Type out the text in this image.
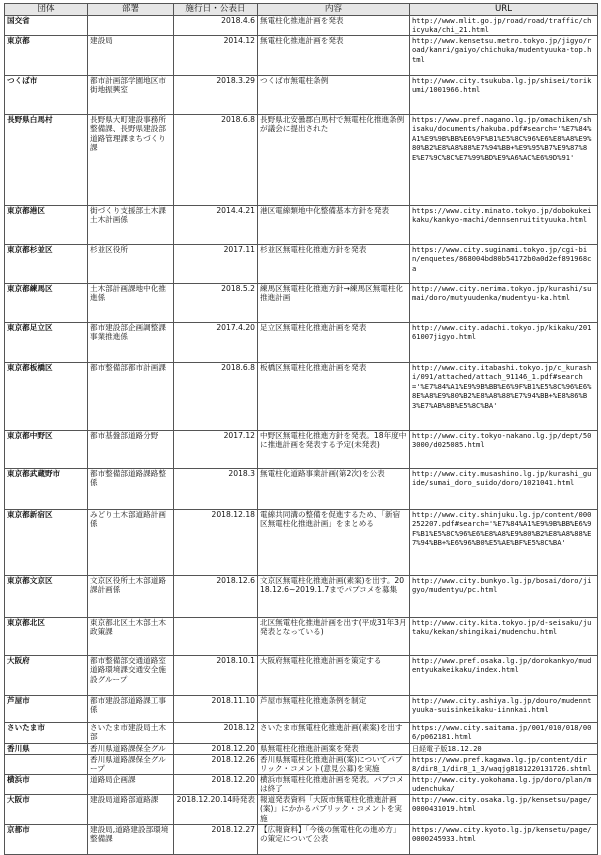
団体	部署	施行日・公表日	内容	URL

国交省		2018.4.6	無電柱化推進計画を発表	http://www.mlit.go.jp/road/road/traffic/chicyuka/chi_21.html

東京都	建設局	2014.12	無電柱化推進計画を発表	http://www.kensetsu.metro.tokyo.jp/jigyo/road/kanri/gaiyo/chichuka/mudentyuuka-top.html

つくば市	都市計画部学園地区市街地振興室	2018.3.29	つくば市無電柱条例	http://www.city.tsukuba.lg.jp/shisei/torikumi/1001966.html

長野県白馬村	長野県大町建設事務所整備課、長野県建設部道路管理課まちづくり課	2018.6.8	長野県北安曇郡白馬村で無電柱化推進条例が議会に提出された	https://www.pref.nagano.lg.jp/omachiken/shisaku/documents/hakuba.pdf#search='%E7%84%A1%E9%9B%BB%E6%9F%B1%E5%8C%96%E6%E8%A8%E9%80%B2%E8%A8%88%E7%94%BB+%E9%95%B7%E9%87%8E%E7%9C%8C%E7%99%BD%E9%A6%AC%E6%9D%91'

東京都港区	街づくり支援部土木課土木計画係	2014.4.21	港区電線類地中化整備基本方針を発表	https://www.city.minato.tokyo.jp/dobokukeikaku/kankyo-machi/dennsenruitityuuka.html

東京都杉並区	杉並区役所	2017.11	杉並区無電柱化推進方針を発表	https://www.city.suginami.tokyo.jp/cgi-bin/enquetes/868004bd80b54172b0a0d2ef891968ca

東京都練馬区	土木部計画課地中化推進係	2018.5.2	練馬区無電柱化推進方針→練馬区無電柱化推進計画	http://www.city.nerima.tokyo.jp/kurashi/sumai/doro/mutyuudenka/mudentyu-ka.html

東京都足立区	都市建設部企画調整課事業推進係	2017.4.20	足立区無電柱化推進計画を発表	http://www.city.adachi.tokyo.jp/kikaku/20161007jigyo.html

東京都板橋区	都市整備部都市計画課	2018.6.8	板橋区無電柱化推進計画を発表	http://www.city.itabashi.tokyo.jp/c_kurashi/091/attached/attach_91146_1.pdf#search='%E7%84%A1%E9%9B%BB%E6%9F%B1%E5%8C%96%E6%8E%A8%E9%80%B2%E8%A8%88%E7%94%BB+%E8%86%B3%E7%AB%8B%E5%8C%BA'

東京都中野区	都市基盤部道路分野	2017.12	中野区無電柱化推進方針を発表。18年度中に推進計画を発表する予定(未発表)	http://www.city.tokyo-nakano.lg.jp/dept/503000/d025085.html

東京都武蔵野市	都市整備部道路課路整係	2018.3	無電柱化道路事業計画(第2次)を公表	http://www.city.musashino.lg.jp/kurashi_guide/sumai_doro_suido/doro/1021041.html

東京都新宿区	みどり土木部道路計画係	2018.12.18	電線共同溝の整備を促進するため、「新宿区無電柱化推進計画」をまとめる	http://www.city.shinjuku.lg.jp/content/000252207.pdf#search='%E7%84%A1%E9%9B%BB%E6%9F%B1%E5%8C%96%E6%E8%A8%E9%80%B2%E8%A8%88%E7%94%BB+%E6%96%B0%E5%AE%BF%E5%8C%BA'

東京都文京区	文京区役所土木部道路課計画係	2018.12.6	文京区無電柱化推進計画(素案)を出す。2018.12.6~2019.1.7までパブコメを募集	http://www.city.bunkyo.lg.jp/bosai/doro/jigyo/mudentyu/pc.html

東京都北区	東京都北区土木部土木政策課		北区無電柱化推進計画を出す(平成31年3月発表となっている)	http://www.city.kita.tokyo.jp/d-seisaku/jutaku/kekan/shingikai/mudenchu.html

大阪府	都市整備部交通道路室道路環境課交通安全施設グループ	2018.10.1	大阪府無電柱化推進計画を策定する	http://www.pref.osaka.lg.jp/dorokankyo/mudentyukakeikaku/index.html

芦屋市	都市建設部道路課工事係	2018.11.10	芦屋市無電柱化推進条例を制定	http://www.city.ashiya.lg.jp/douro/mudenntyuuka-suisinkeikaku-iinnkai.html

さいたま市	さいたま市建設局土木部	2018.12	さいたま市無電柱化推進計画(素案)を出す	https://www.city.saitama.jp/001/010/018/006/p062181.html

香川県	香川県道路課保全グル	2018.12.20	県無電柱化推進計画案を発表	日経電子版18.12.20

	香川県道路課保全グループ	2018.12.26	香川県無電柱化推進計画(案)についてパブリック・コメント(意見公募)を実施	https://www.pref.kagawa.lg.jp/content/dir8/dir8_1/dir8_1_3/waqjg8181220131726.shtml

横浜市	道路局企画課	2018.12.20	横浜市無電柱化推進計画を発表。パブコメは終了	http://www.city.yokohama.lg.jp/doro/plan/mudenchuka/

大阪市	建設局道路部道路課	2018.12.20.14時発表	報道発表資料「大阪市無電柱化推進計画(案)」にかかるパブリック・コメントを実施	http://www.city.osaka.lg.jp/kensetsu/page/0000431019.html

京都市	建設局,道路建設部環境整備課	2018.12.27	【広報資料】「今後の無電柱化の進め方」の策定について公表	https://www.city.kyoto.lg.jp/kensetu/page/0000245933.html
